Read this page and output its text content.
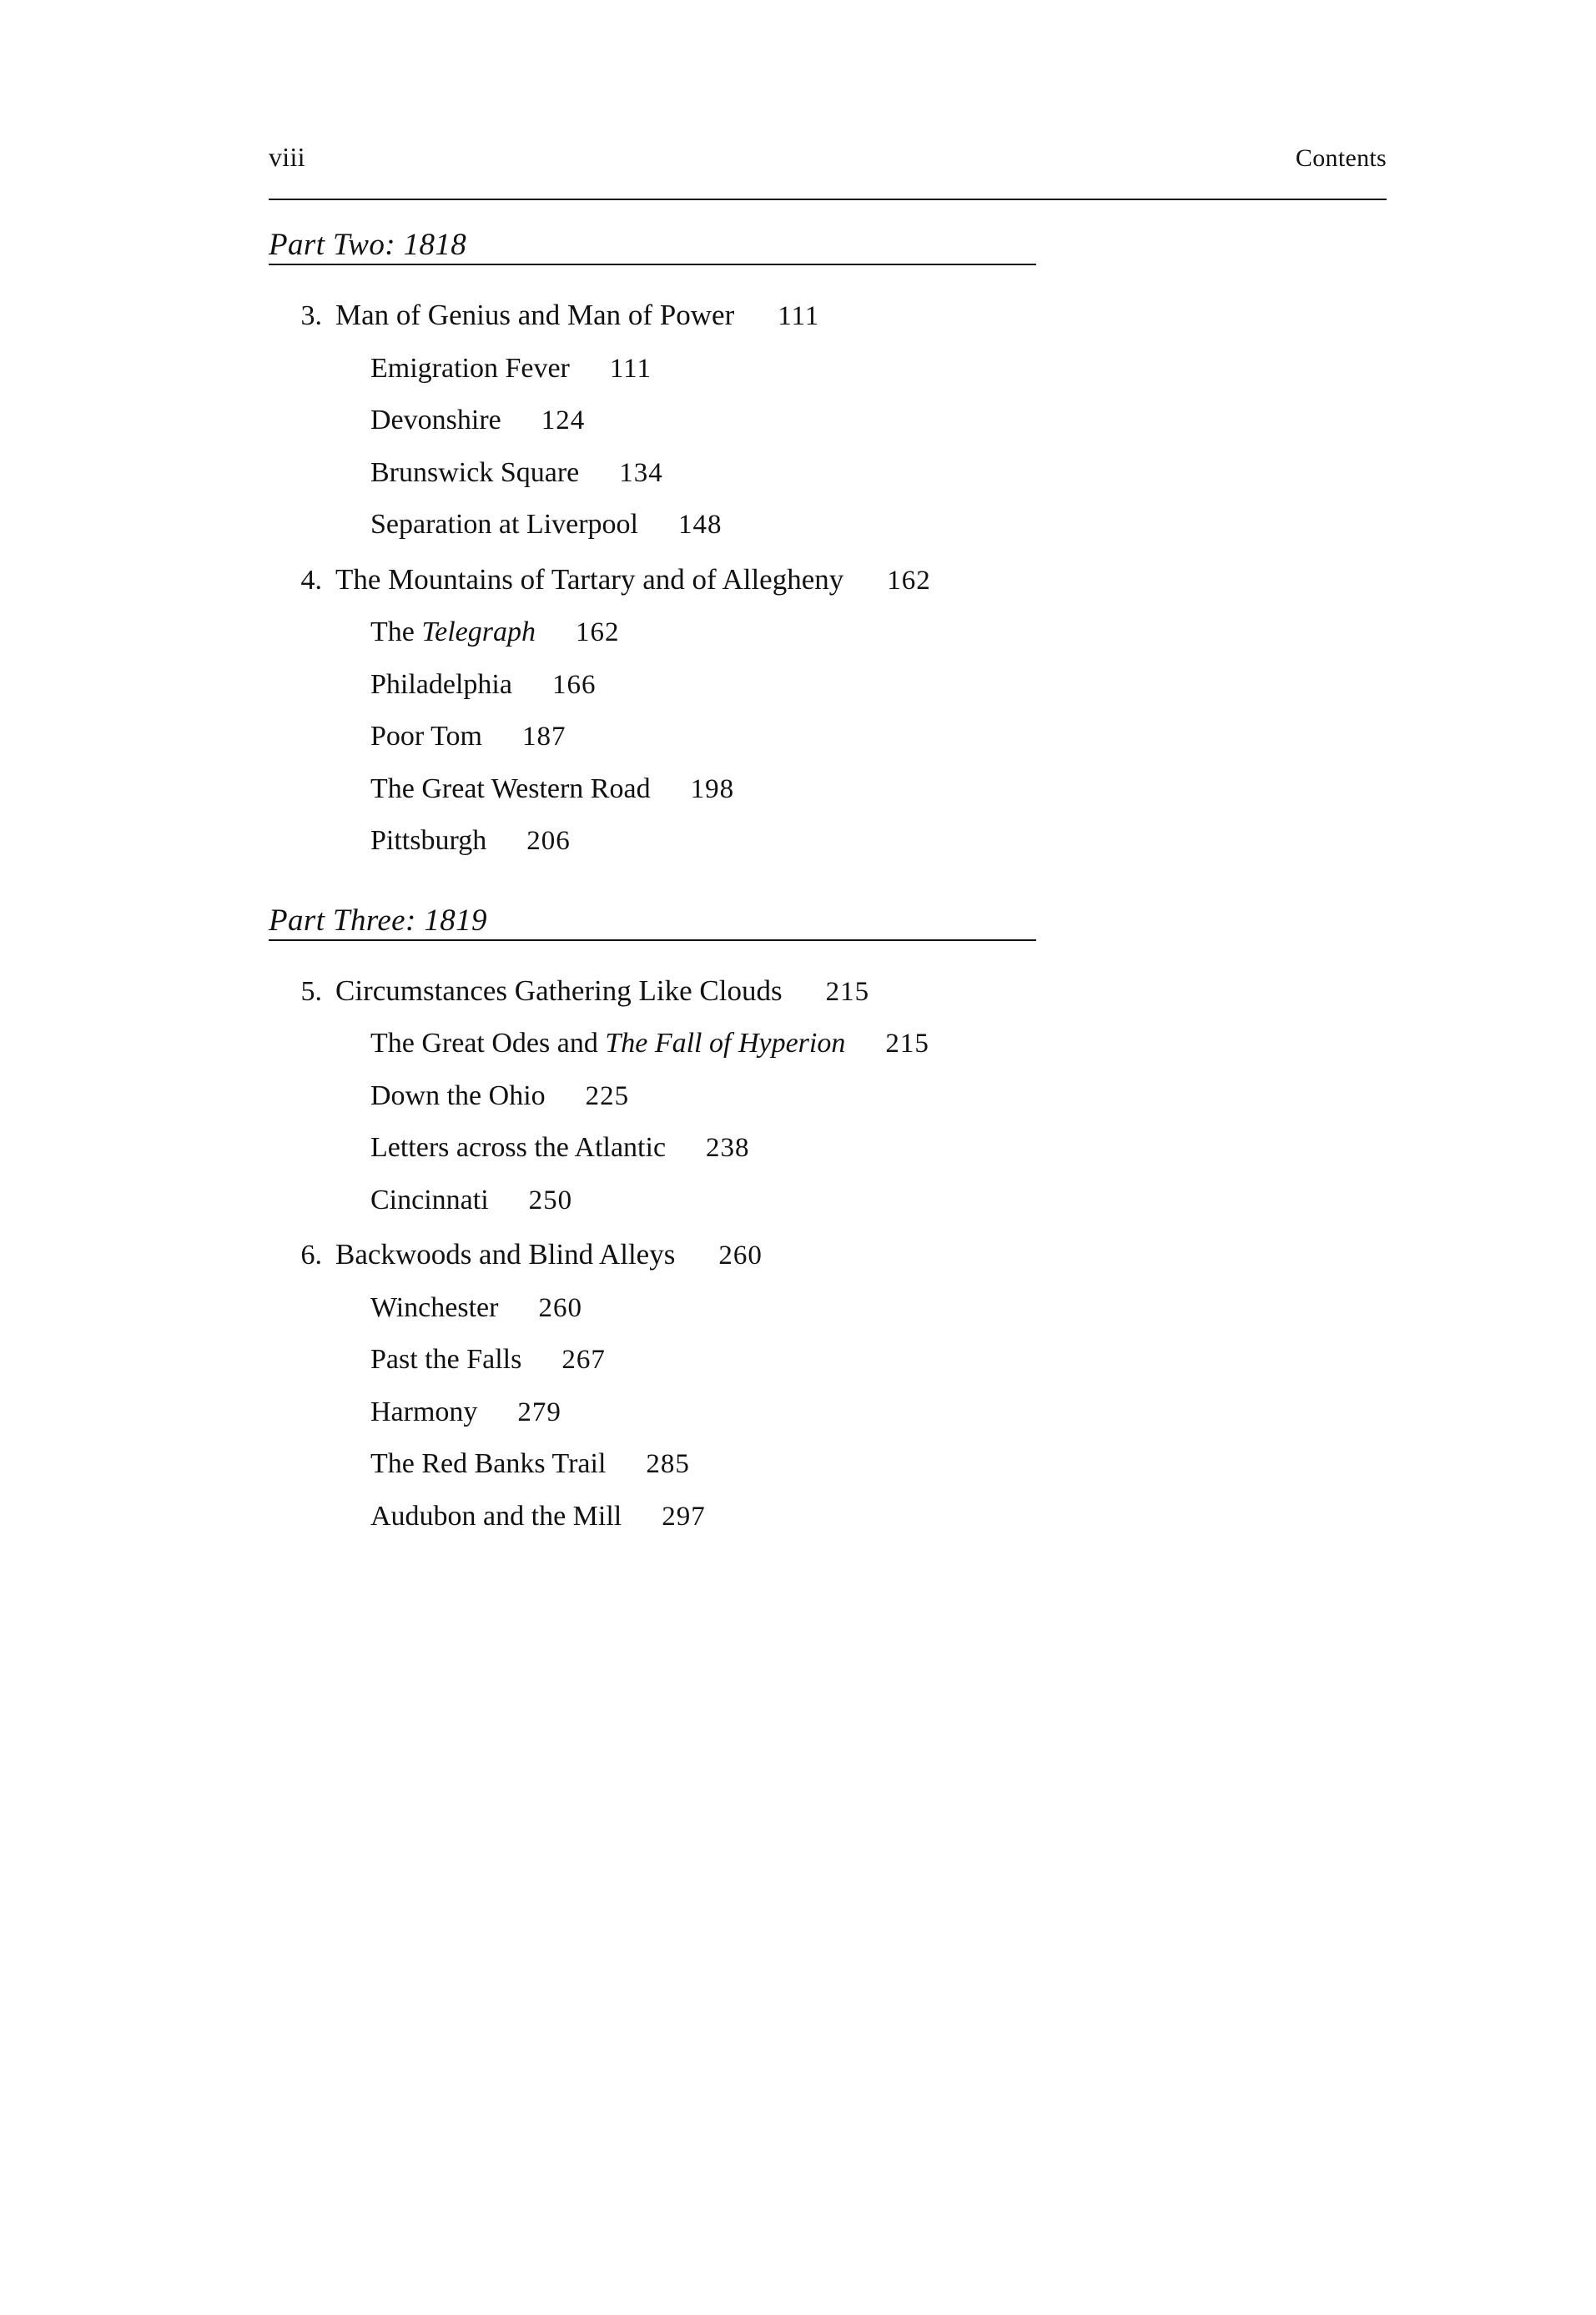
viii	Contents
Part Two: 1818
3. Man of Genius and Man of Power	111
Emigration Fever	111
Devonshire	124
Brunswick Square	134
Separation at Liverpool	148
4. The Mountains of Tartary and of Allegheny	162
The Telegraph	162
Philadelphia	166
Poor Tom	187
The Great Western Road	198
Pittsburgh	206
Part Three: 1819
5. Circumstances Gathering Like Clouds	215
The Great Odes and The Fall of Hyperion	215
Down the Ohio	225
Letters across the Atlantic	238
Cincinnati	250
6. Backwoods and Blind Alleys	260
Winchester	260
Past the Falls	267
Harmony	279
The Red Banks Trail	285
Audubon and the Mill	297
